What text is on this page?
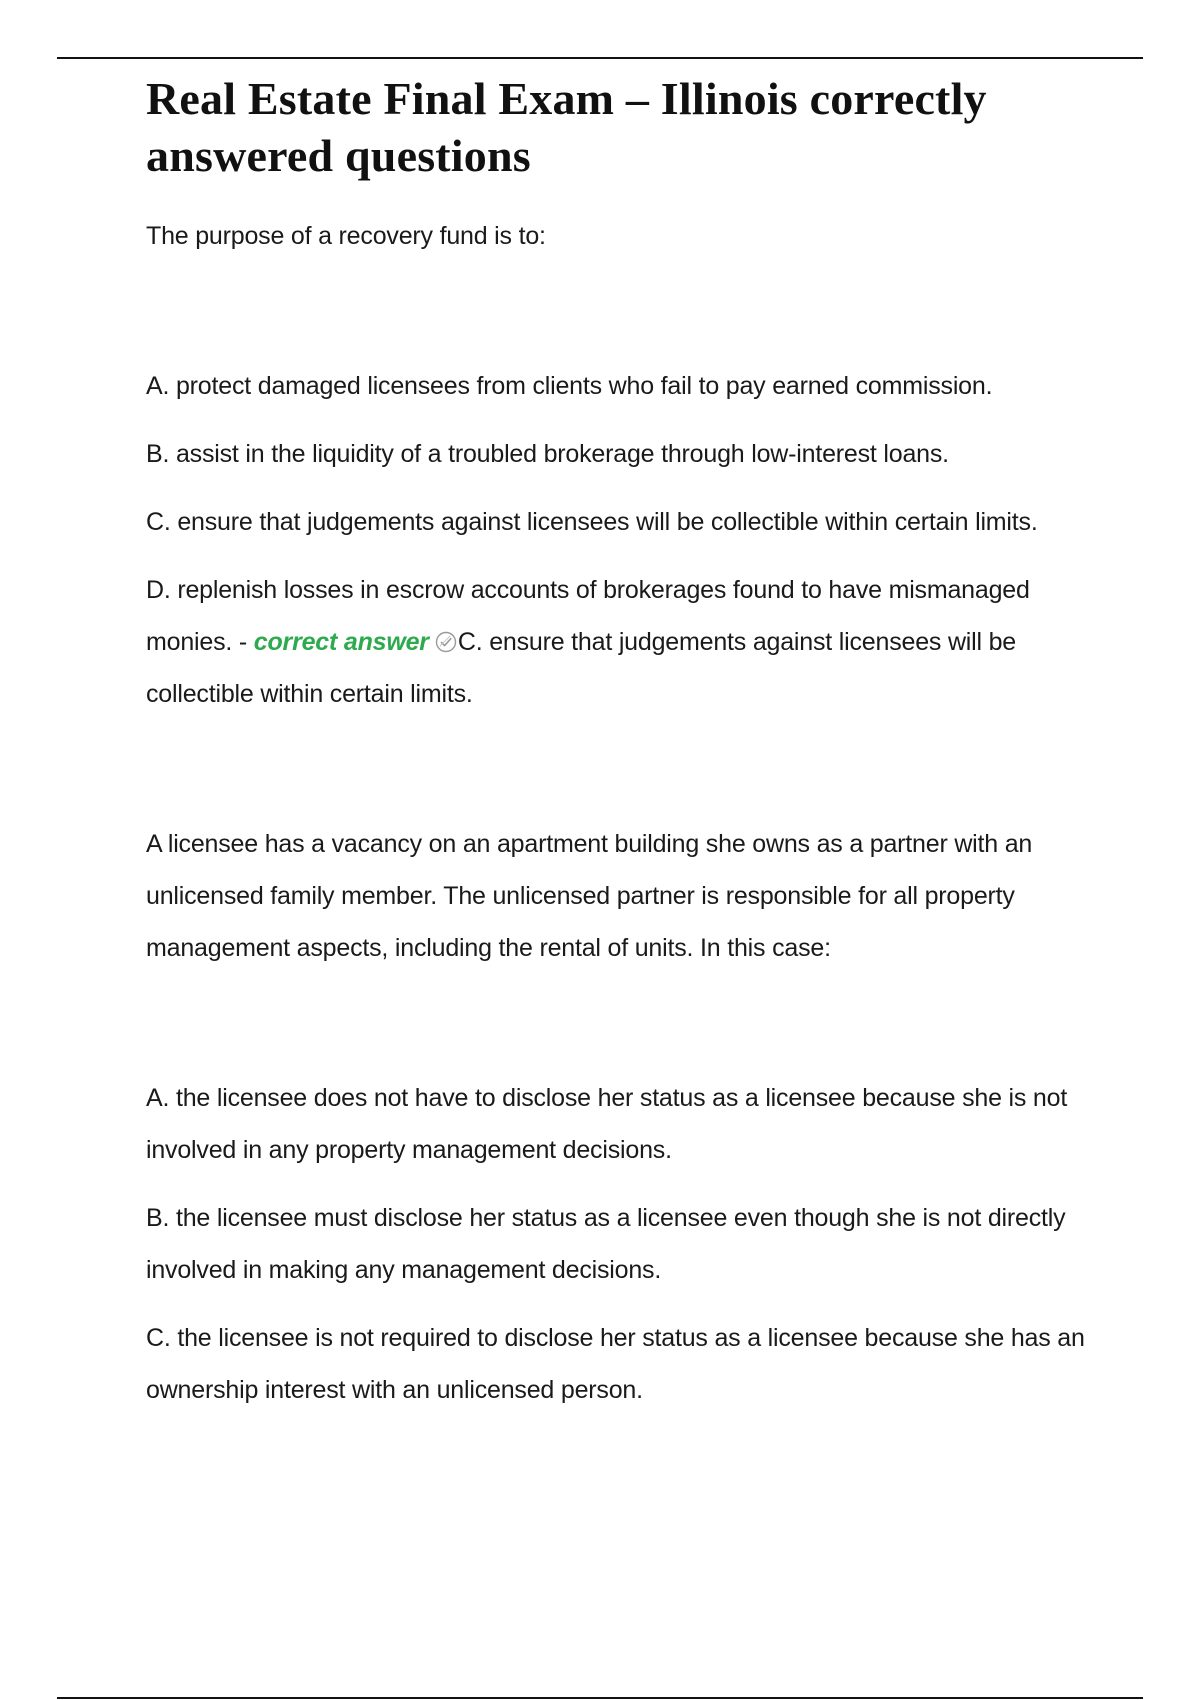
Real Estate Final Exam – Illinois correctly answered questions

The purpose of a recovery fund is to:

A. protect damaged licensees from clients who fail to pay earned commission.

B. assist in the liquidity of a troubled brokerage through low-interest loans.

C. ensure that judgements against licensees will be collectible within certain limits.

D. replenish losses in escrow accounts of brokerages found to have mismanaged monies. - correct answer C. ensure that judgements against licensees will be collectible within certain limits.

A licensee has a vacancy on an apartment building she owns as a partner with an unlicensed family member. The unlicensed partner is responsible for all property management aspects, including the rental of units. In this case:

A. the licensee does not have to disclose her status as a licensee because she is not involved in any property management decisions.

B. the licensee must disclose her status as a licensee even though she is not directly involved in making any management decisions.

C. the licensee is not required to disclose her status as a licensee because she has an ownership interest with an unlicensed person.
